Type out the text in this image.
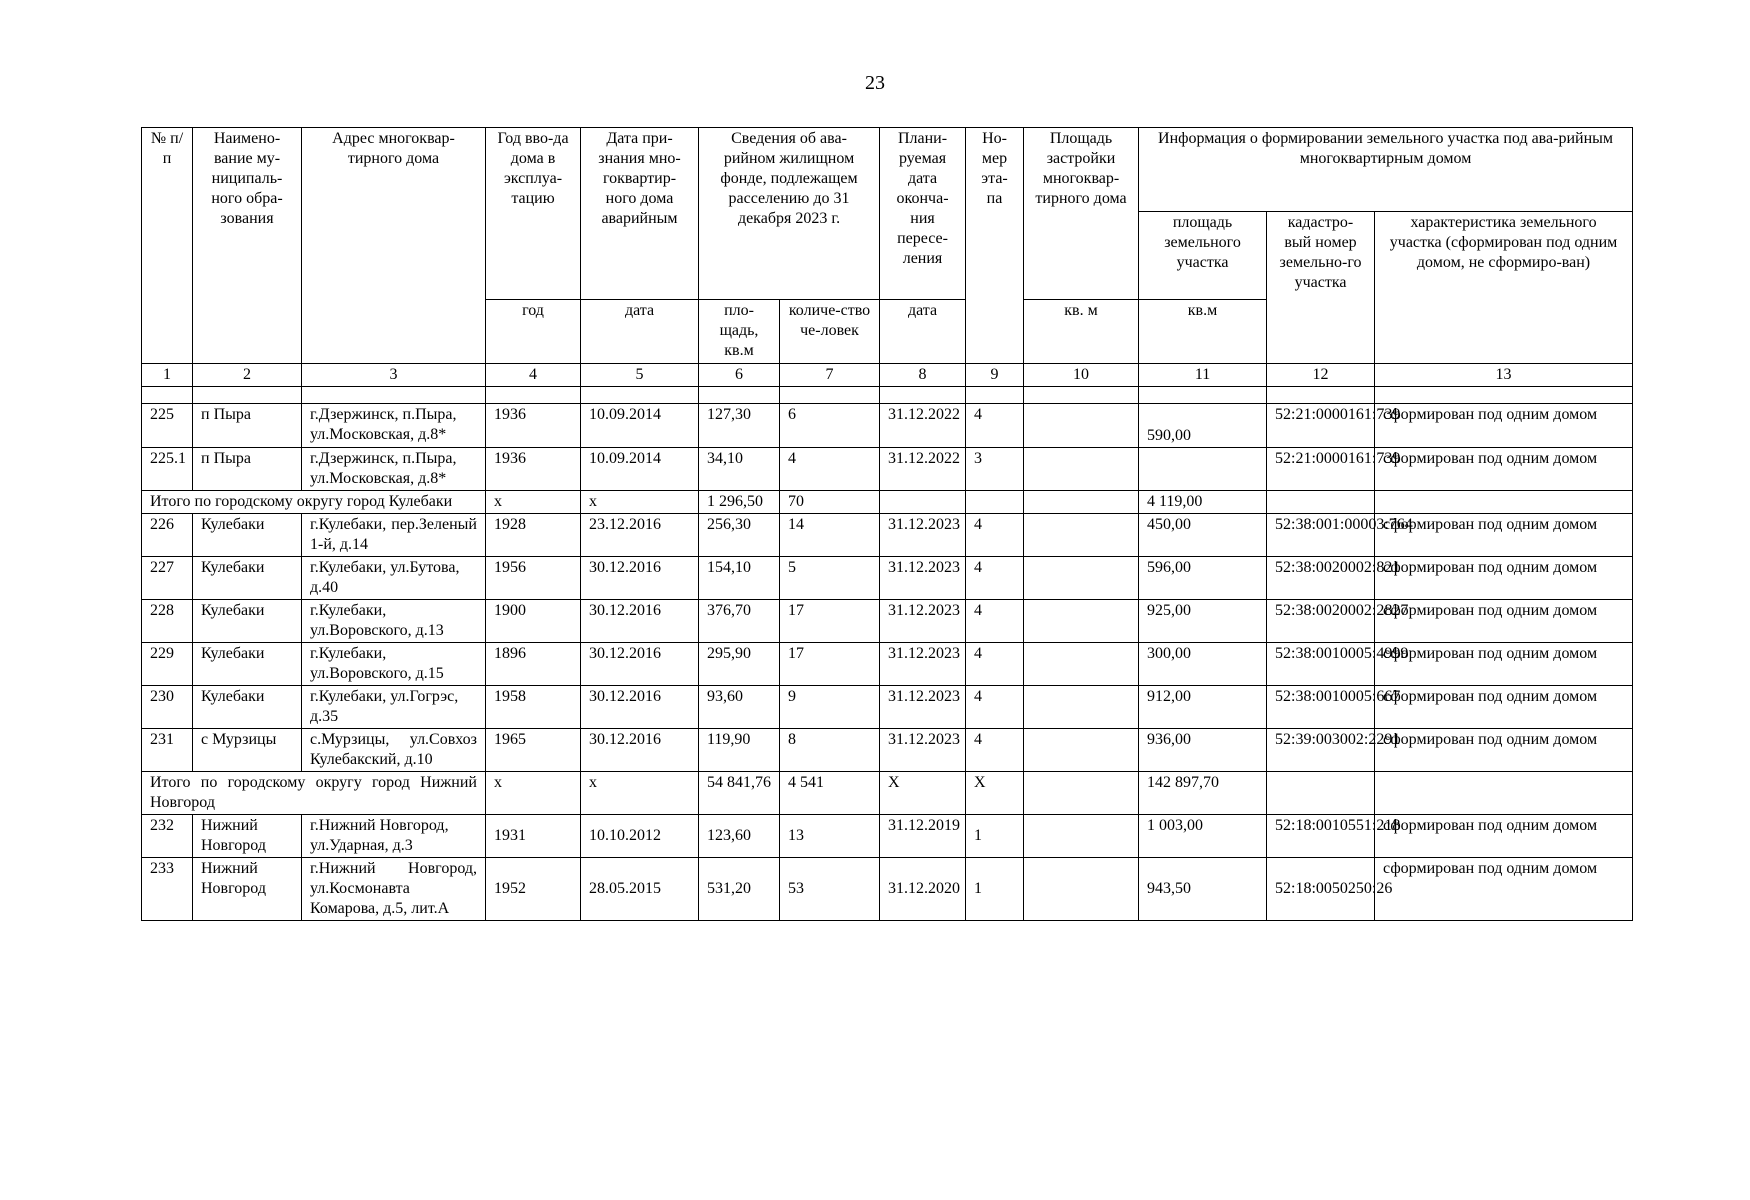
23
№ п/п	Наимено-вание му-ниципаль-ного обра-зования	Адрес многоквар-тирного дома	Год вво-да дома в эксплуа-тацию	Дата при-знания мно-гоквартир-ного дома аварийным	Сведения об ава-рийном жилищном фонде, подлежащем расселению до 31 декабря 2023 г.		Плани-руемая дата оконча-ния пересе-ления	Но-мер эта-па	Площадь застройки многоквар-тирного дома	Информация о формировании земельного участка под ава-рийным многоквартирным домом		
										площадь земельного участка	кадастро-вый номер земельно-го участка	характеристика земельного участка (сформирован под одним домом, не сформиро-ван)
			год	дата	пло-щадь, кв.м	количе-ство че-ловек	дата		кв. м	кв.м		
1	2	3	4	5	6	7	8	9	10	11	12	13

225	п Пыра	г.Дзержинск, п.Пыра, ул.Московская, д.8*	1936	10.09.2014	127,30	6	31.12.2022	4		590,00	52:21:0000161:739	сформирован под одним домом
225.1	п Пыра	г.Дзержинск, п.Пыра, ул.Московская, д.8*	1936	10.09.2014	34,10	4	31.12.2022	3			52:21:0000161:739	сформирован под одним домом
Итого по городскому округу город Кулебаки			x	x	1 296,50	70				4 119,00		
226	Кулебаки	г.Кулебаки, пер.Зеленый 1-й, д.14	1928	23.12.2016	256,30	14	31.12.2023	4		450,00	52:38:001:00003:764	сформирован под одним домом
227	Кулебаки	г.Кулебаки, ул.Бутова, д.40	1956	30.12.2016	154,10	5	31.12.2023	4		596,00	52:38:0020002:821	сформирован под одним домом
228	Кулебаки	г.Кулебаки, ул.Воровского, д.13	1900	30.12.2016	376,70	17	31.12.2023	4		925,00	52:38:0020002:2827	сформирован под одним домом
229	Кулебаки	г.Кулебаки, ул.Воровского, д.15	1896	30.12.2016	295,90	17	31.12.2023	4		300,00	52:38:0010005:4999	сформирован под одним домом
230	Кулебаки	г.Кулебаки, ул.Гогрэс, д.35	1958	30.12.2016	93,60	9	31.12.2023	4		912,00	52:38:0010005:667	сформирован под одним домом
231	с Мурзицы	с.Мурзицы, ул.Совхоз Кулебакский, д.10	1965	30.12.2016	119,90	8	31.12.2023	4		936,00	52:39:003002:2291	сформирован под одним домом
Итого по городскому округу город Нижний Новгород			x	x	54 841,76	4 541	X	X		142 897,70		
232	Нижний Новгород	г.Нижний Новгород, ул.Ударная, д.3	1931	10.10.2012	123,60	13	31.12.2019	1		1 003,00	52:18:0010551:218	сформирован под одним домом
233	Нижний Новгород	г.Нижний Новгород, ул.Космонавта Комарова, д.5, лит.А	1952	28.05.2015	531,20	53	31.12.2020	1		943,50	52:18:0050250:26	сформирован под одним домом
